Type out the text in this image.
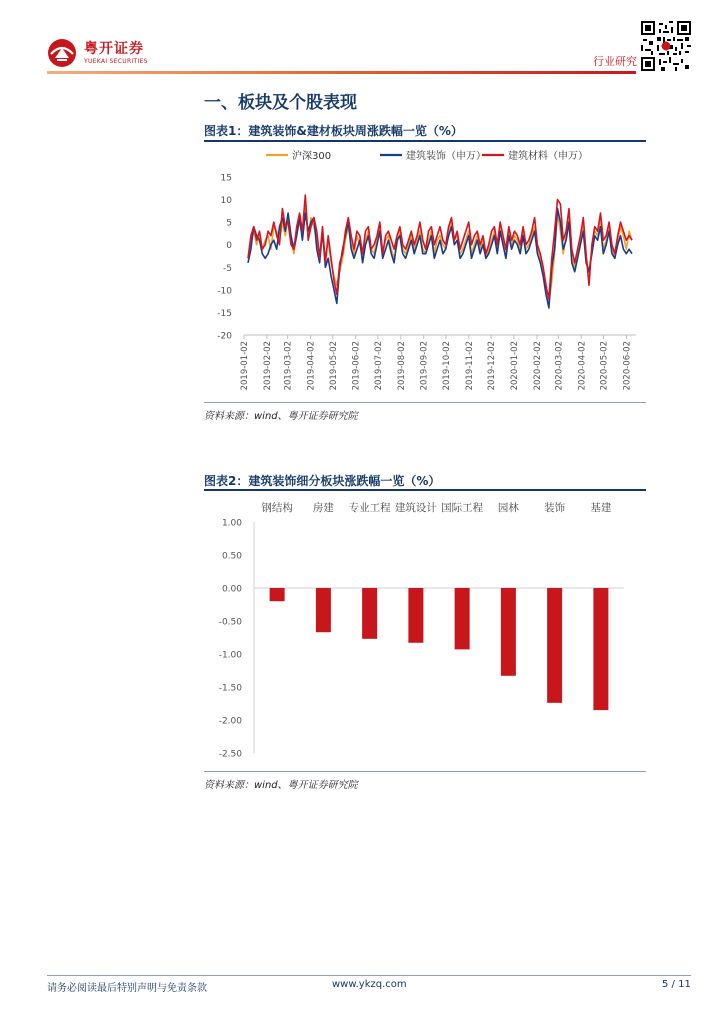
粤开证券
YUEKAI SECURITIES	行业研究
一、板块及个股表现
图表1：建筑装饰&建材板块周涨跌幅一览（%）
沪深300	建筑装饰（申万） 建筑材料（申万）
15
10
5
0
-5
-10
-15
-20
2019-01-02 2019-02-02 2019-03-02 2019-04-02 2019-05-02 2019-06-02 2019-07-02 2019-08-02 2019-09-02 2019-10-02 2019-11-02 2019-12-02 2020-01-02 2020-02-02 2020-03-02 2020-04-02 2020-05-02 2020-06-02
资料来源：wind、粤开证券研究院
图表2：建筑装饰细分板块涨跌幅一览（%）
1.00
0.50
0.00
-0.50
-1.00
-1.50
-2.00
-2.50
钢结构 房建 专业工程 建筑设计 国际工程 园林 装饰 基建
资料来源：wind、粤开证券研究院
请务必阅读最后特别声明与免责条款	www.ykzq.com	5 / 11
